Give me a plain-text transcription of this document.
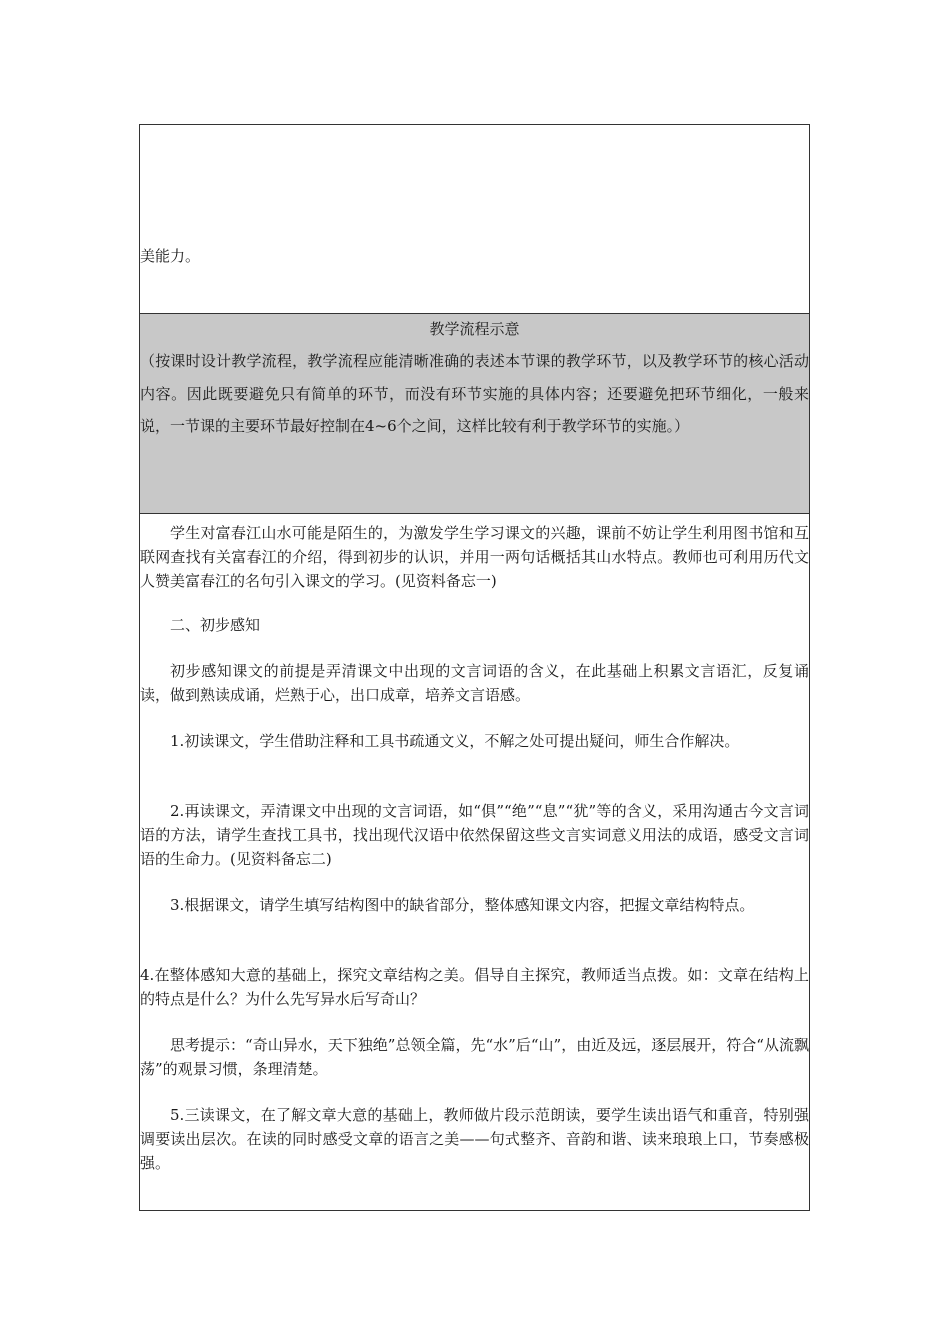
美能力。
教学流程示意

（按课时设计教学流程，教学流程应能清晰准确的表述本节课的教学环节，以及教学环节的核心活动内容。因此既要避免只有简单的环节，而没有环节实施的具体内容；还要避免把环节细化，一般来说，一节课的主要环节最好控制在4~6个之间，这样比较有利于教学环节的实施。）

学生对富春江山水可能是陌生的，为激发学生学习课文的兴趣，课前不妨让学生利用图书馆和互联网查找有关富春江的介绍，得到初步的认识，并用一两句话概括其山水特点。教师也可利用历代文人赞美富春江的名句引入课文的学习。(见资料备忘一)

二、初步感知

初步感知课文的前提是弄清课文中出现的文言词语的含义，在此基础上积累文言语汇，反复诵读，做到熟读成诵，烂熟于心，出口成章，培养文言语感。

1.初读课文，学生借助注释和工具书疏通文义，不解之处可提出疑问，师生合作解决。

2.再读课文，弄清课文中出现的文言词语，如“俱”“绝”“息”“犹”等的含义，采用沟通古今文言词语的方法，请学生查找工具书，找出现代汉语中依然保留这些文言实词意义用法的成语，感受文言词语的生命力。(见资料备忘二)

3.根据课文，请学生填写结构图中的缺省部分，整体感知课文内容，把握文章结构特点。

4.在整体感知大意的基础上，探究文章结构之美。倡导自主探究，教师适当点拨。如：文章在结构上的特点是什么？为什么先写异水后写奇山？

思考提示：“奇山异水，天下独绝”总领全篇，先“水”后“山”，由近及远，逐层展开，符合“从流飘荡”的观景习惯，条理清楚。

5.三读课文，在了解文章大意的基础上，教师做片段示范朗读，要学生读出语气和重音，特别强调要读出层次。在读的同时感受文章的语言之美——句式整齐、音韵和谐、读来琅琅上口，节奏感极强。
